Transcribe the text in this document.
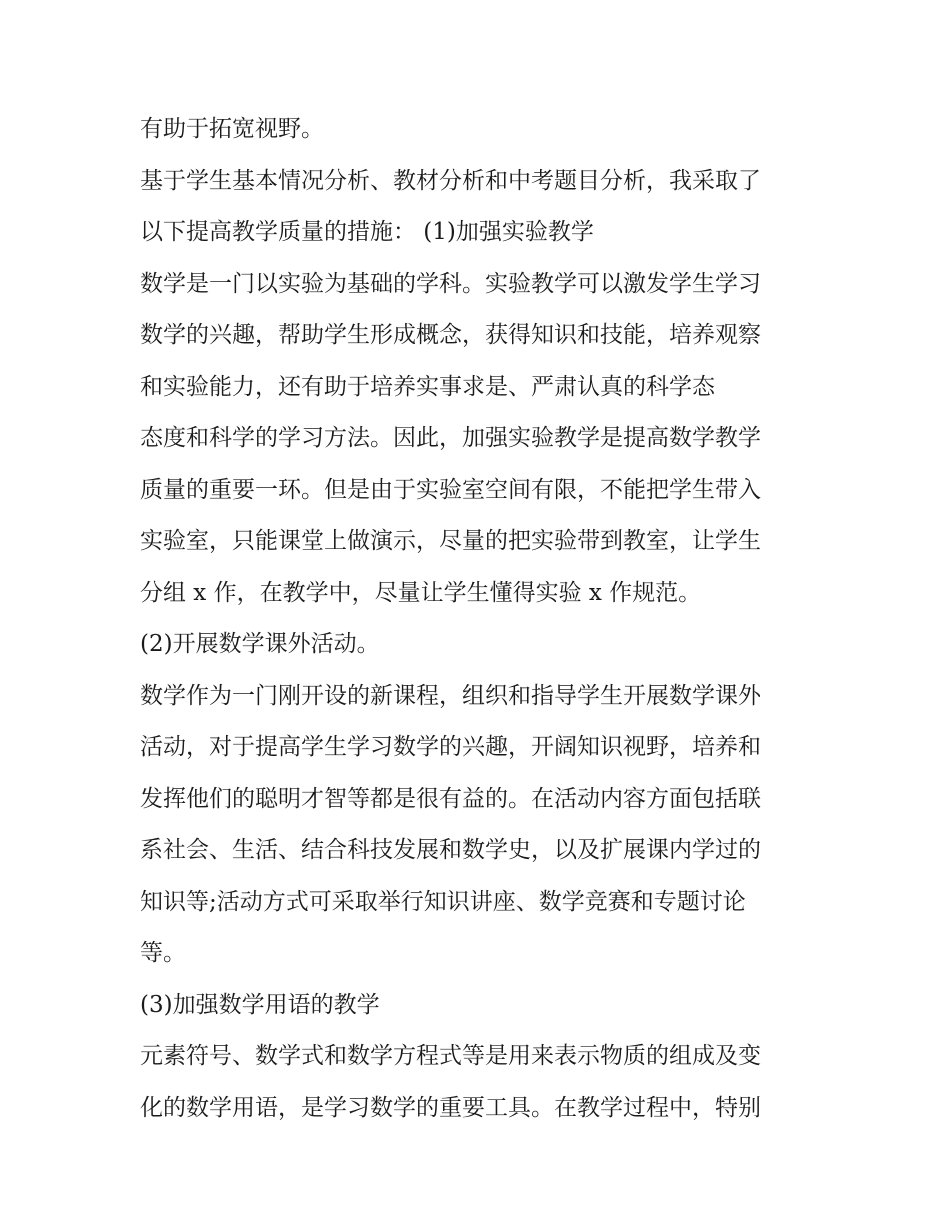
有助于拓宽视野。
基于学生基本情况分析、教材分析和中考题目分析，我采取了
以下提高教学质量的措施： (1)加强实验教学
数学是一门以实验为基础的学科。实验教学可以激发学生学习
数学的兴趣，帮助学生形成概念，获得知识和技能，培养观察
和实验能力，还有助于培养实事求是、严肃认真的科学态
态度和科学的学习方法。因此，加强实验教学是提高数学教学
质量的重要一环。但是由于实验室空间有限，不能把学生带入
实验室，只能课堂上做演示，尽量的把实验带到教室，让学生
分组 x 作，在教学中，尽量让学生懂得实验 x 作规范。
(2)开展数学课外活动。
数学作为一门刚开设的新课程，组织和指导学生开展数学课外
活动，对于提高学生学习数学的兴趣，开阔知识视野，培养和
发挥他们的聪明才智等都是很有益的。在活动内容方面包括联
系社会、生活、结合科技发展和数学史，以及扩展课内学过的
知识等;活动方式可采取举行知识讲座、数学竞赛和专题讨论
等。
(3)加强数学用语的教学
元素符号、数学式和数学方程式等是用来表示物质的组成及变
化的数学用语，是学习数学的重要工具。在教学过程中，特别
